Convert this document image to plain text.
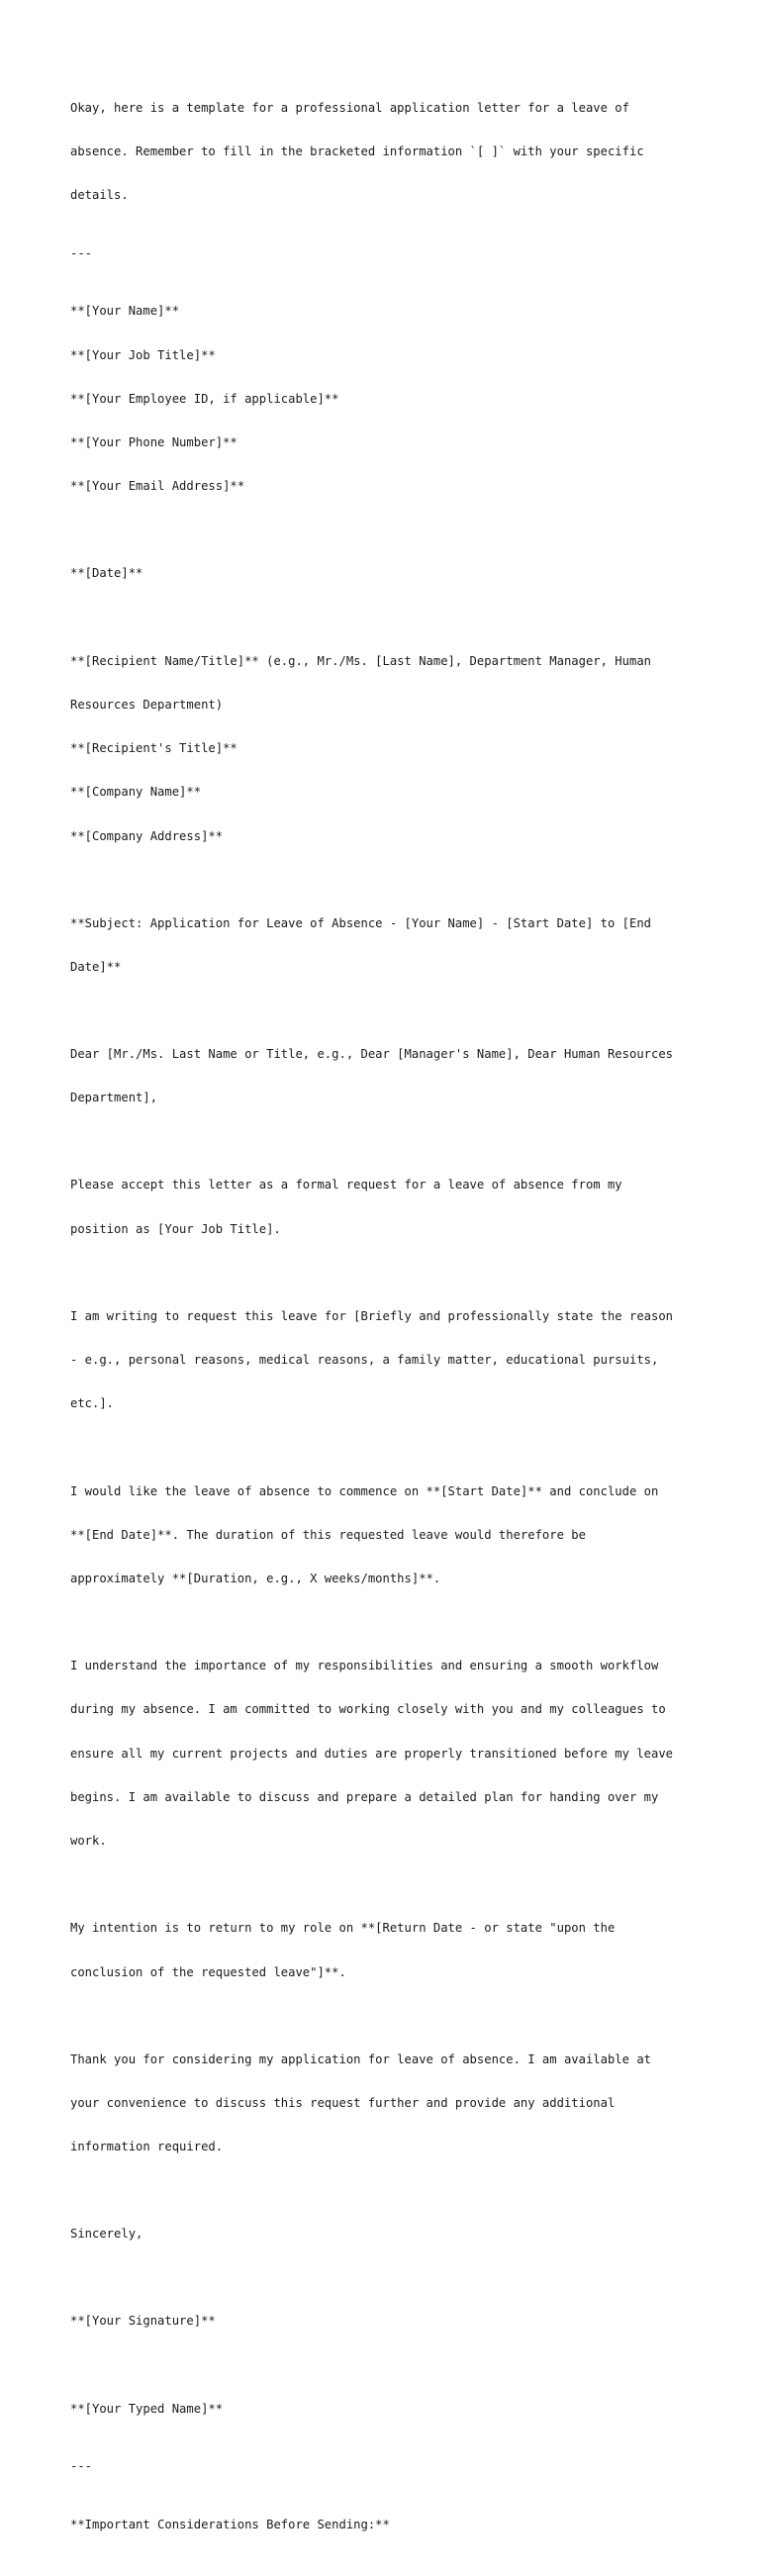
Okay, here is a template for a professional application letter for a leave of

absence. Remember to fill in the bracketed information `[ ]` with your specific

details.

---

**[Your Name]**

**[Your Job Title]**

**[Your Employee ID, if applicable]**

**[Your Phone Number]**

**[Your Email Address]**

**[Date]**

**[Recipient Name/Title]** (e.g., Mr./Ms. [Last Name], Department Manager, Human

Resources Department)

**[Recipient's Title]**

**[Company Name]**

**[Company Address]**

**Subject: Application for Leave of Absence - [Your Name] - [Start Date] to [End

Date]**

Dear [Mr./Ms. Last Name or Title, e.g., Dear [Manager's Name], Dear Human Resources

Department],

Please accept this letter as a formal request for a leave of absence from my

position as [Your Job Title].

I am writing to request this leave for [Briefly and professionally state the reason

- e.g., personal reasons, medical reasons, a family matter, educational pursuits,

etc.].

I would like the leave of absence to commence on **[Start Date]** and conclude on

**[End Date]**. The duration of this requested leave would therefore be

approximately **[Duration, e.g., X weeks/months]**.

I understand the importance of my responsibilities and ensuring a smooth workflow

during my absence. I am committed to working closely with you and my colleagues to

ensure all my current projects and duties are properly transitioned before my leave

begins. I am available to discuss and prepare a detailed plan for handing over my

work.

My intention is to return to my role on **[Return Date - or state "upon the

conclusion of the requested leave"]**.

Thank you for considering my application for leave of absence. I am available at

your convenience to discuss this request further and provide any additional

information required.

Sincerely,

**[Your Signature]**

**[Your Typed Name]**

---

**Important Considerations Before Sending:**
